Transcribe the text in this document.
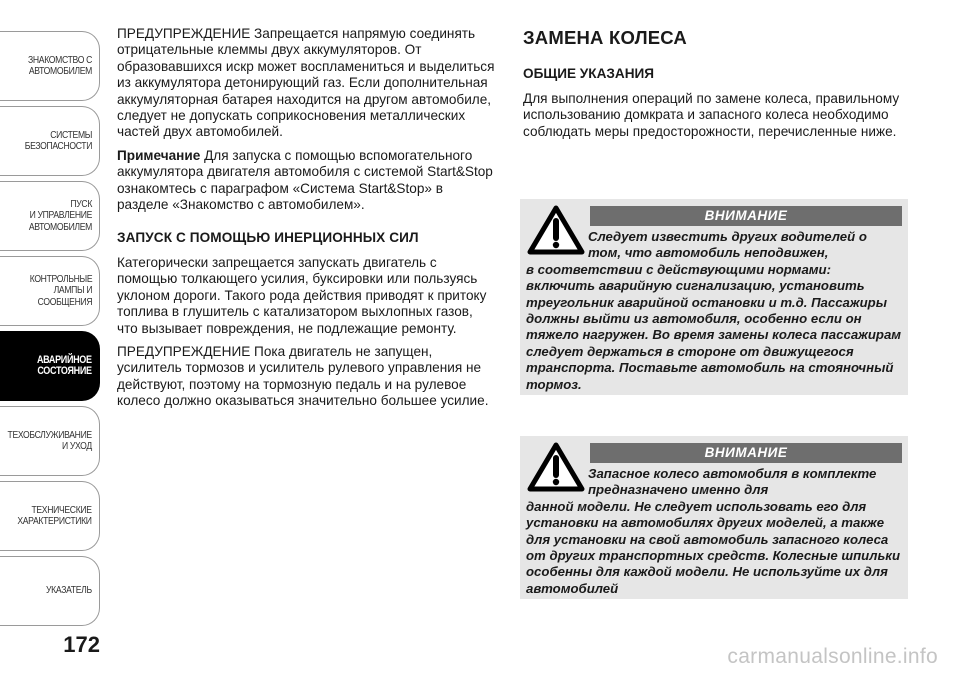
ЗНАКОМСТВО С
АВТОМОБИЛЕМ
СИСТЕМЫ
БЕЗОПАСНОСТИ
ПУСК
И УПРАВЛЕНИЕ
АВТОМОБИЛЕМ
КОНТРОЛЬНЫЕ
ЛАМПЫ И
СООБЩЕНИЯ
АВАРИЙНОЕ
СОСТОЯНИЕ
ТЕХОБСЛУЖИВАНИЕ
И УХОД
ТЕХНИЧЕСКИЕ
ХАРАКТЕРИСТИКИ
УКАЗАТЕЛЬ
172

ПРЕДУПРЕЖДЕНИЕ Запрещается напрямую соединять отрицательные клеммы двух аккумуляторов. От образовавшихся искр может воспламениться и выделиться из аккумулятора детонирующий газ. Если дополнительная аккумуляторная батарея находится на другом автомобиле, следует не допускать соприкосновения металлических частей двух автомобилей.

Примечание Для запуска с помощью вспомогательного аккумулятора двигателя автомобиля с системой Start&Stop ознакомтесь с параграфом «Система Start&Stop» в разделе «Знакомство с автомобилем».

ЗАПУСК С ПОМОЩЬЮ ИНЕРЦИОННЫХ СИЛ

Категорически запрещается запускать двигатель с помощью толкающего усилия, буксировки или пользуясь уклоном дороги. Такого рода действия приводят к притоку топлива в глушитель с катализатором выхлопных газов, что вызывает повреждения, не подлежащие ремонту.

ПРЕДУПРЕЖДЕНИЕ Пока двигатель не запущен, усилитель тормозов и усилитель рулевого управления не действуют, поэтому на тормозную педаль и на рулевое колесо должно оказываться значительно большее усилие.

ЗАМЕНА КОЛЕСА
ОБЩИЕ УКАЗАНИЯ

Для выполнения операций по замене колеса, правильному использованию домкрата и запасного колеса необходимо соблюдать меры предосторожности, перечисленные ниже.

ВНИМАНИЕ
Следует известить других водителей о том, что автомобиль неподвижен,
в соответствии с действующими нормами: включить аварийную сигнализацию, установить треугольник аварийной остановки и т.д. Пассажиры должны выйти из автомобиля, особенно если он тяжело нагружен. Во время замены колеса пассажирам следует держаться в стороне от движущегося транспорта. Поставьте автомобиль на стояночный тормоз.
ВНИМАНИЕ
Запасное колесо автомобиля в комплекте предназначено именно для
данной модели. Не следует использовать его для установки на автомобилях других моделей, а также для установки на свой автомобиль запасного колеса от других транспортных средств. Колесные шпильки особенны для каждой модели. Не используйте их для автомобилей
carmanualsonline.info
